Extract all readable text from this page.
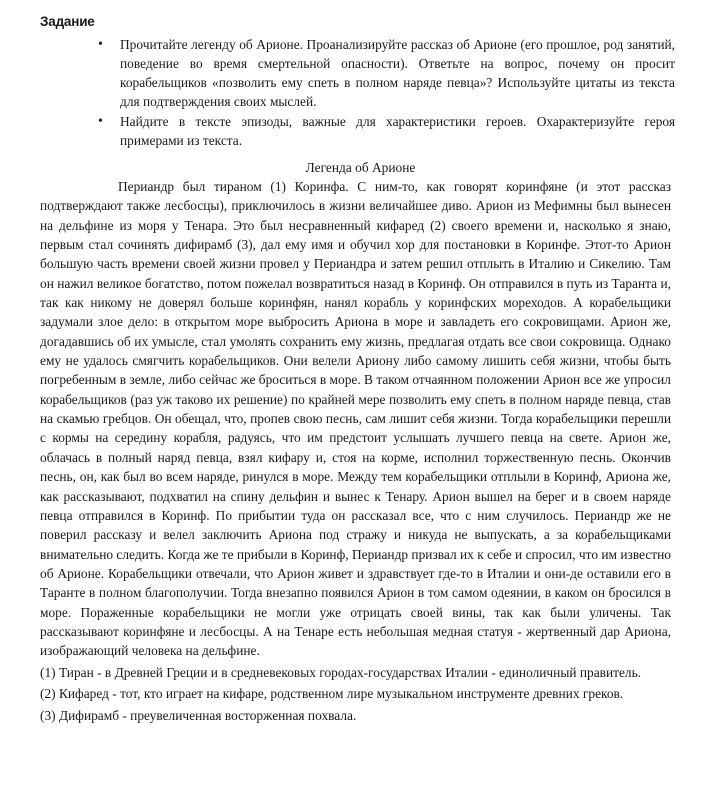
Задание
• Прочитайте легенду об Арионе. Проанализируйте рассказ об Арионе (его прошлое, род занятий, поведение во время смертельной опасности). Ответьте на вопрос, почему он просит корабельщиков «позволить ему спеть в полном наряде певца»? Используйте цитаты из текста для подтверждения своих мыслей.
• Найдите в тексте эпизоды, важные для характеристики героев. Охарактеризуйте героя примерами из текста.
Легенда об Арионе

Периандр был тираном (1) Коринфа. С ним-то, как говорят коринфяне (и этот рассказ подтверждают также лесбосцы), приключилось в жизни величайшее диво. Арион из Мефимны был вынесен на дельфине из моря у Тенара. Это был несравненный кифаред (2) своего времени и, насколько я знаю, первым стал сочинять дифирамб (3), дал ему имя и обучил хор для постановки в Коринфе. Этот-то Арион большую часть времени своей жизни провел у Периандра и затем решил отплыть в Италию и Сикелию. Там он нажил великое богатство, потом пожелал возвратиться назад в Коринф. Он отправился в путь из Таранта и, так как никому не доверял больше коринфян, нанял корабль у коринфских мореходов. А корабельщики задумали злое дело: в открытом море выбросить Ариона в море и завладеть его сокровищами. Арион же, догадавшись об их умысле, стал умолять сохранить ему жизнь, предлагая отдать все свои сокровища. Однако ему не удалось смягчить корабельщиков. Они велели Ариону либо самому лишить себя жизни, чтобы быть погребенным в земле, либо сейчас же броситься в море. В таком отчаянном положении Арион все же упросил корабельщиков (раз уж таково их решение) по крайней мере позволить ему спеть в полном наряде певца, став на скамью гребцов. Он обещал, что, пропев свою песнь, сам лишит себя жизни. Тогда корабельщики перешли с кормы на середину корабля, радуясь, что им предстоит услышать лучшего певца на свете. Арион же, облачась в полный наряд певца, взял кифару и, стоя на корме, исполнил торжественную песнь. Окончив песнь, он, как был во всем наряде, ринулся в море. Между тем корабельщики отплыли в Коринф, Ариона же, как рассказывают, подхватил на спину дельфин и вынес к Тенару. Арион вышел на берег и в своем наряде певца отправился в Коринф. По прибытии туда он рассказал все, что с ним случилось. Периандр же не поверил рассказу и велел заключить Ариона под стражу и никуда не выпускать, а за корабельщиками внимательно следить. Когда же те прибыли в Коринф, Периандр призвал их к себе и спросил, что им известно об Арионе. Корабельщики отвечали, что Арион живет и здравствует где-то в Италии и они-де оставили его в Таранте в полном благополучии. Тогда внезапно появился Арион в том самом одеянии, в каком он бросился в море. Пораженные корабельщики не могли уже отрицать своей вины, так как были уличены. Так рассказывают коринфяне и лесбосцы. А на Тенаре есть небольшая медная статуя - жертвенный дар Ариона, изображающий человека на дельфине.

(1) Тиран - в Древней Греции и в средневековых городах-государствах Италии - единоличный правитель.
(2) Кифаред - тот, кто играет на кифаре, родственном лире музыкальном инструменте древних греков.
(3) Дифирамб - преувеличенная восторженная похвала.
